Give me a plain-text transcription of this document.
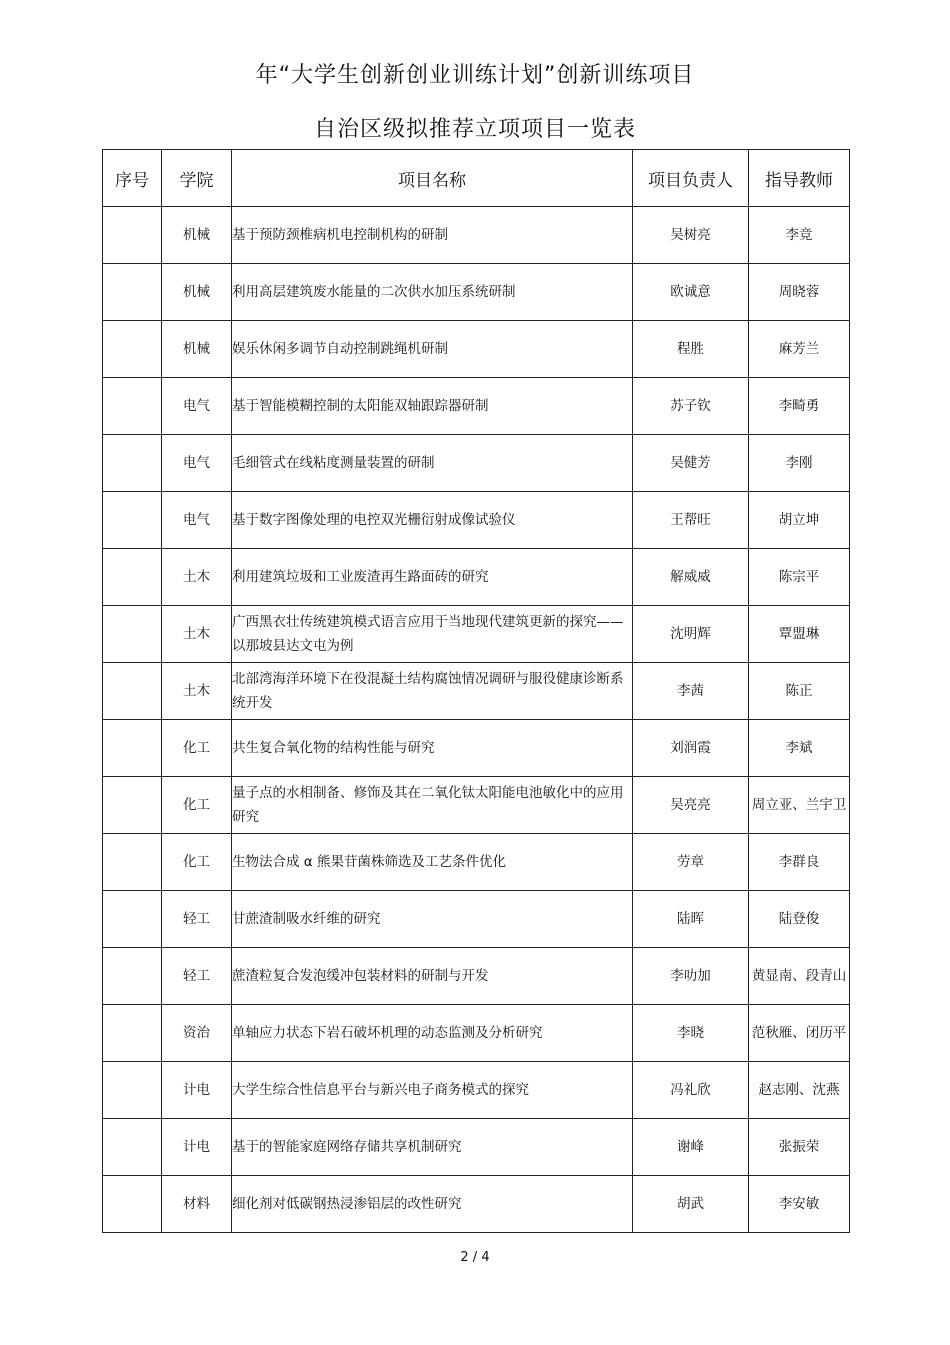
年“大学生创新创业训练计划”创新训练项目
自治区级拟推荐立项项目一览表
序号	学院	项目名称	项目负责人	指导教师
	机械	基于预防颈椎病机电控制机构的研制	吴树亮	李竞
	机械	利用高层建筑废水能量的二次供水加压系统研制	欧诚意	周晓蓉
	机械	娱乐休闲多调节自动控制跳绳机研制	程胜	麻芳兰
	电气	基于智能模糊控制的太阳能双轴跟踪器研制	苏子钦	李畸勇
	电气	毛细管式在线粘度测量装置的研制	吴健芳	李刚
	电气	基于数字图像处理的电控双光栅衍射成像试验仪	王帮旺	胡立坤
	土木	利用建筑垃圾和工业废渣再生路面砖的研究	解威威	陈宗平
	土木	广西黑衣壮传统建筑模式语言应用于当地现代建筑更新的探究——以那坡县达文屯为例	沈明辉	覃盟琳
	土木	北部湾海洋环境下在役混凝土结构腐蚀情况调研与服役健康诊断系统开发	李茜	陈正
	化工	共生复合氧化物的结构性能与研究	刘润霞	李斌
	化工	量子点的水相制备、修饰及其在二氧化钛太阳能电池敏化中的应用研究	吴亮亮	周立亚、兰宇卫
	化工	生物法合成 α 熊果苷菌株筛选及工艺条件优化	劳章	李群良
	轻工	甘蔗渣制吸水纤维的研究	陆晖	陆登俊
	轻工	蔗渣粒复合发泡缓冲包装材料的研制与开发	李叻加	黄显南、段青山
	资治	单轴应力状态下岩石破坏机理的动态监测及分析研究	李晓	范秋雁、闭历平
	计电	大学生综合性信息平台与新兴电子商务模式的探究	冯礼欣	赵志刚、沈燕
	计电	基于的智能家庭网络存储共享机制研究	谢峰	张振荣
	材料	细化剂对低碳钢热浸渗铝层的改性研究	胡武	李安敏
2 / 4
